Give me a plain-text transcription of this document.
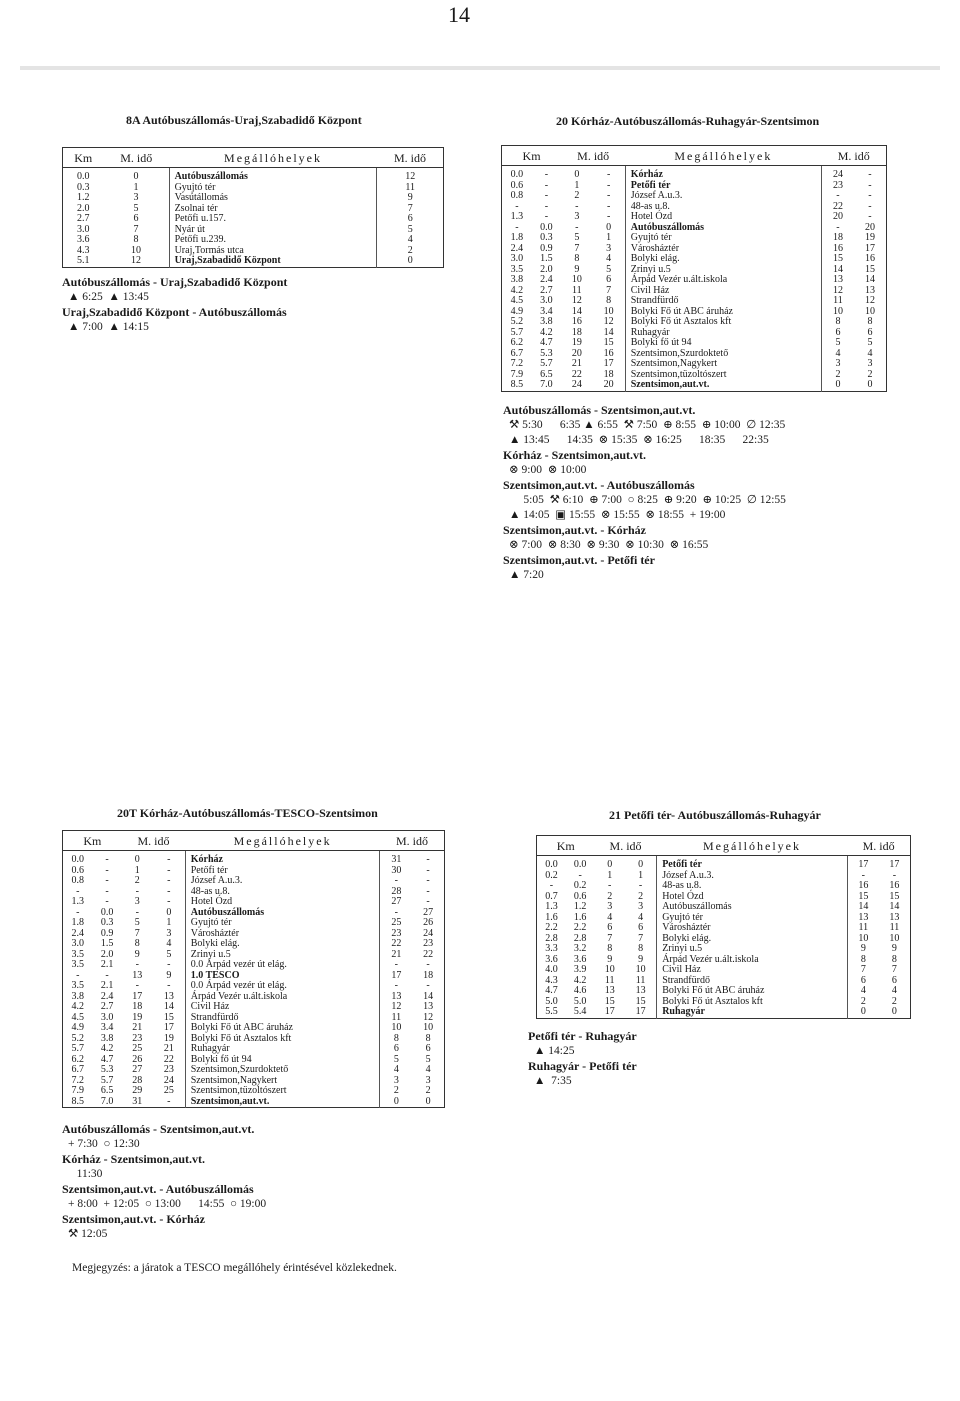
14
8A Autóbuszállomás-Uraj,Szabadidő Központ
Km	M. idő	Megállóhelyek	M. idő
0.0	0	Autóbuszállomás	12
0.3	1	Gyujtó tér	11
1.2	3	Vasútállomás	9
2.0	5	Zsolnai tér	7
2.7	6	Petőfi u.157.	6
3.0	7	Nyár út	5
3.6	8	Petőfi u.239.	4
4.3	10	Uraj,Tormás utca	2
5.1	12	Uraj,Szabadidő Központ	0
Autóbuszállomás - Uraj,Szabadidő Központ
▲ 6:25  ▲ 13:45
Uraj,Szabadidő Központ - Autóbuszállomás
▲ 7:00  ▲ 14:15
20 Kórház-Autóbuszállomás-Ruhagyár-Szentsimon
Km		M. idő		Megállóhelyek	M. idő	
0.0	-	0	-	Kórház	24	-
0.6	-	1	-	Petőfi tér	23	-
0.8	-	2	-	József A.u.3.	-	-
-	-	-	-	48-as u.8.	22	-
1.3	-	3	-	Hotel Ózd	20	-
-	0.0	-	0	Autóbuszállomás	-	20
1.8	0.3	5	1	Gyujtó tér	18	19
2.4	0.9	7	3	Városháztér	16	17
3.0	1.5	8	4	Bolyki elág.	15	16
3.5	2.0	9	5	Zrinyi u.5	14	15
3.8	2.4	10	6	Árpád Vezér u.ált.iskola	13	14
4.2	2.7	11	7	Civil Ház	12	13
4.5	3.0	12	8	Strandfürdő	11	12
4.9	3.4	14	10	Bolyki Fő út ABC áruház	10	10
5.2	3.8	16	12	Bolyki Fő út Asztalos kft	8	8
5.7	4.2	18	14	Ruhagyár	6	6
6.2	4.7	19	15	Bolyki fő út 94	5	5
6.7	5.3	20	16	Szentsimon,Szurdoktető	4	4
7.2	5.7	21	17	Szentsimon,Nagykert	3	3
7.9	6.5	22	18	Szentsimon,tüzoltószert	2	2
8.5	7.0	24	20	Szentsimon,aut.vt.	0	0
Autóbuszállomás - Szentsimon,aut.vt.
⚒ 5:30      6:35 ▲ 6:55  ⚒ 7:50  ⊕ 8:55  ⊕ 10:00  ∅ 12:35
▲ 13:45      14:35  ⊗ 15:35  ⊗ 16:25      18:35      22:35
Kórház - Szentsimon,aut.vt.
⊗ 9:00  ⊗ 10:00
Szentsimon,aut.vt. - Autóbuszállomás
5:05  ⚒ 6:10  ⊕ 7:00  ○ 8:25  ⊕ 9:20  ⊕ 10:25  ∅ 12:55
▲ 14:05  ▣ 15:55  ⊗ 15:55  ⊗ 18:55  + 19:00
Szentsimon,aut.vt. - Kórház
⊗ 7:00  ⊗ 8:30  ⊗ 9:30  ⊗ 10:30  ⊗ 16:55
Szentsimon,aut.vt. - Petőfi tér
▲ 7:20
20T Kórház-Autóbuszállomás-TESCO-Szentsimon
Km		M. idő		Megállóhelyek	M. idő	
0.0	-	0	-	Kórház	31	-
0.6	-	1	-	Petőfi tér	30	-
0.8	-	2	-	József A.u.3.	-	-
-	-	-	-	48-as u.8.	28	-
1.3	-	3	-	Hotel Ózd	27	-
-	0.0	-	0	Autóbuszállomás	-	27
1.8	0.3	5	1	Gyujtó tér	25	26
2.4	0.9	7	3	Városháztér	23	24
3.0	1.5	8	4	Bolyki elág.	22	23
3.5	2.0	9	5	Zrinyi u.5	21	22
3.5	2.1	-	-	0.0 Árpád vezér út elág.	-	-
-	-	13	9	1.0 TESCO	17	18
3.5	2.1	-	-	0.0 Árpád vezér út elág.	-	-
3.8	2.4	17	13	Árpád Vezér u.ált.iskola	13	14
4.2	2.7	18	14	Civil Ház	12	13
4.5	3.0	19	15	Strandfürdő	11	12
4.9	3.4	21	17	Bolyki Fő út ABC áruház	10	10
5.2	3.8	23	19	Bolyki Fő út Asztalos kft	8	8
5.7	4.2	25	21	Ruhagyár	6	6
6.2	4.7	26	22	Bolyki fő út 94	5	5
6.7	5.3	27	23	Szentsimon,Szurdoktető	4	4
7.2	5.7	28	24	Szentsimon,Nagykert	3	3
7.9	6.5	29	25	Szentsimon,tüzoltószert	2	2
8.5	7.0	31	-	Szentsimon,aut.vt.	0	0
Autóbuszállomás - Szentsimon,aut.vt.
+ 7:30  ○ 12:30
Kórház - Szentsimon,aut.vt.
11:30
Szentsimon,aut.vt. - Autóbuszállomás
+ 8:00  + 12:05  ○ 13:00      14:55  ○ 19:00
Szentsimon,aut.vt. - Kórház
⚒ 12:05
Megjegyzés: a járatok a TESCO megállóhely érintésével közlekednek.
21 Petőfi tér- Autóbuszállomás-Ruhagyár
Km		M. idő		Megállóhelyek	M. idő	
0.0	0.0	0	0	Petőfi tér	17	17
0.2	-	1	1	József A.u.3.	-	-
-	0.2	-	-	48-as u.8.	16	16
0.7	0.6	2	2	Hotel Ózd	15	15
1.3	1.2	3	3	Autóbuszállomás	14	14
1.6	1.6	4	4	Gyujtó tér	13	13
2.2	2.2	6	6	Városháztér	11	11
2.8	2.8	7	7	Bolyki elág.	10	10
3.3	3.2	8	8	Zrinyi u.5	9	9
3.6	3.6	9	9	Árpád Vezér u.ált.iskola	8	8
4.0	3.9	10	10	Civil Ház	7	7
4.3	4.2	11	11	Strandfürdő	6	6
4.7	4.6	13	13	Bolyki Fő út ABC áruház	4	4
5.0	5.0	15	15	Bolyki Fő út Asztalos kft	2	2
5.5	5.4	17	17	Ruhagyár	0	0
Petőfi tér - Ruhagyár
▲ 14:25
Ruhagyár - Petőfi tér
▲  7:35
